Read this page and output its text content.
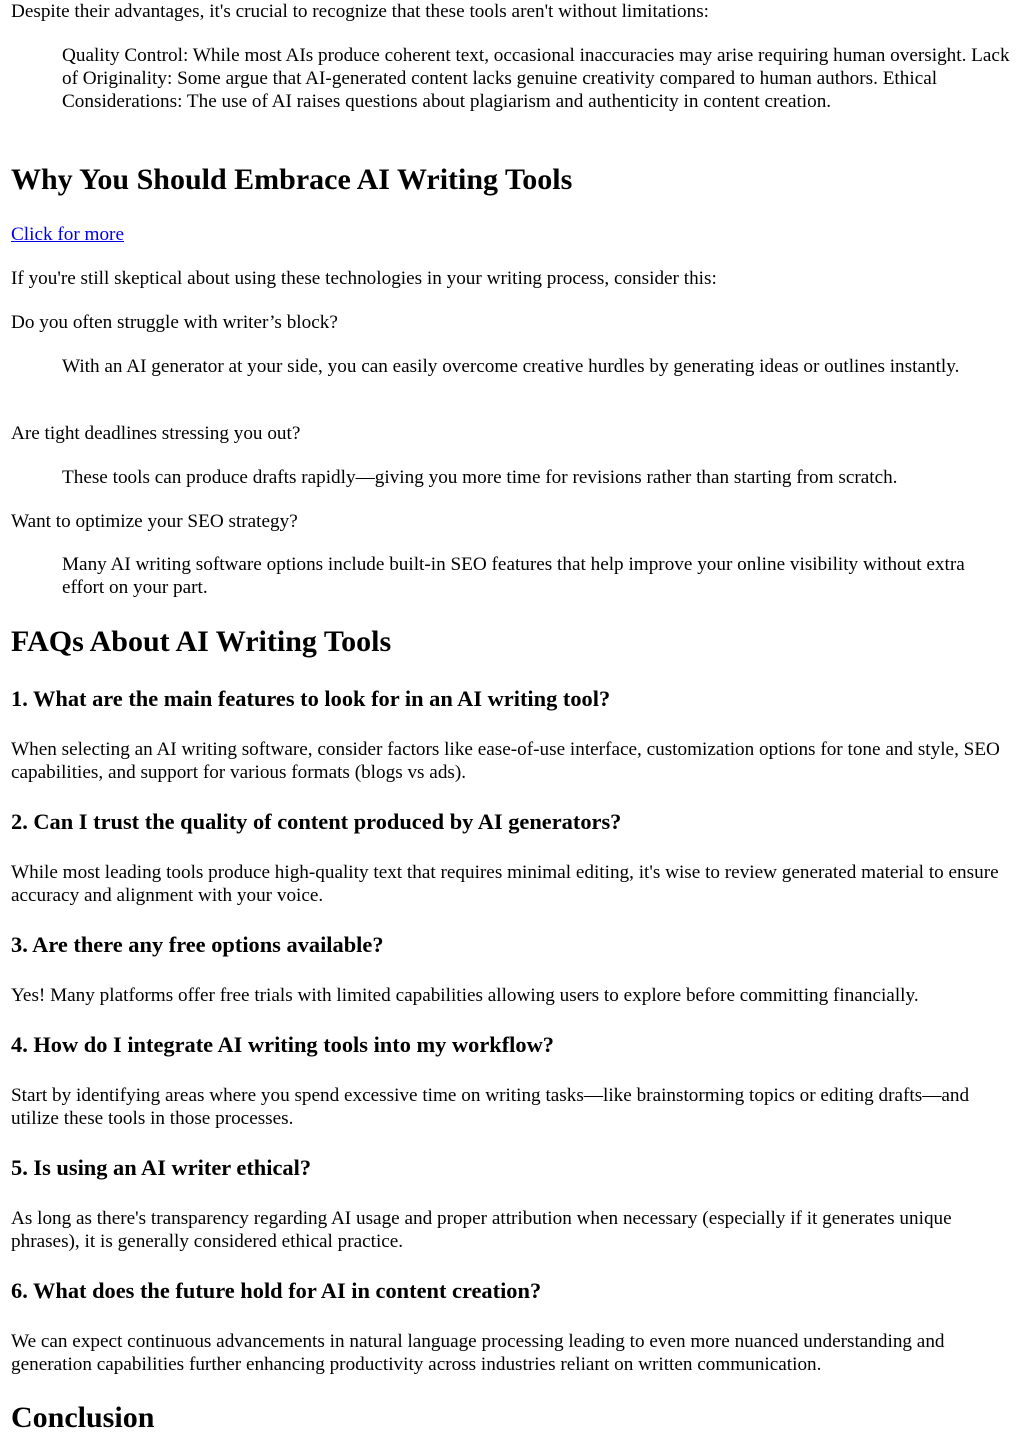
Despite their advantages, it's crucial to recognize that these tools aren't without limitations:

Quality Control: While most AIs produce coherent text, occasional inaccuracies may arise requiring human oversight. Lack of Originality: Some argue that AI-generated content lacks genuine creativity compared to human authors. Ethical Considerations: The use of AI raises questions about plagiarism and authenticity in content creation.

Why You Should Embrace AI Writing Tools

Click for more

If you're still skeptical about using these technologies in your writing process, consider this:

Do you often struggle with writer’s block?

With an AI generator at your side, you can easily overcome creative hurdles by generating ideas or outlines instantly.

Are tight deadlines stressing you out?

These tools can produce drafts rapidly—giving you more time for revisions rather than starting from scratch.

Want to optimize your SEO strategy?

Many AI writing software options include built-in SEO features that help improve your online visibility without extra effort on your part.

FAQs About AI Writing Tools
1. What are the main features to look for in an AI writing tool?

When selecting an AI writing software, consider factors like ease-of-use interface, customization options for tone and style, SEO capabilities, and support for various formats (blogs vs ads).

2. Can I trust the quality of content produced by AI generators?

While most leading tools produce high-quality text that requires minimal editing, it's wise to review generated material to ensure accuracy and alignment with your voice.

3. Are there any free options available?

Yes! Many platforms offer free trials with limited capabilities allowing users to explore before committing financially.

4. How do I integrate AI writing tools into my workflow?

Start by identifying areas where you spend excessive time on writing tasks—like brainstorming topics or editing drafts—and utilize these tools in those processes.

5. Is using an AI writer ethical?

As long as there's transparency regarding AI usage and proper attribution when necessary (especially if it generates unique phrases), it is generally considered ethical practice.

6. What does the future hold for AI in content creation?

We can expect continuous advancements in natural language processing leading to even more nuanced understanding and generation capabilities further enhancing productivity across industries reliant on written communication.

Conclusion
